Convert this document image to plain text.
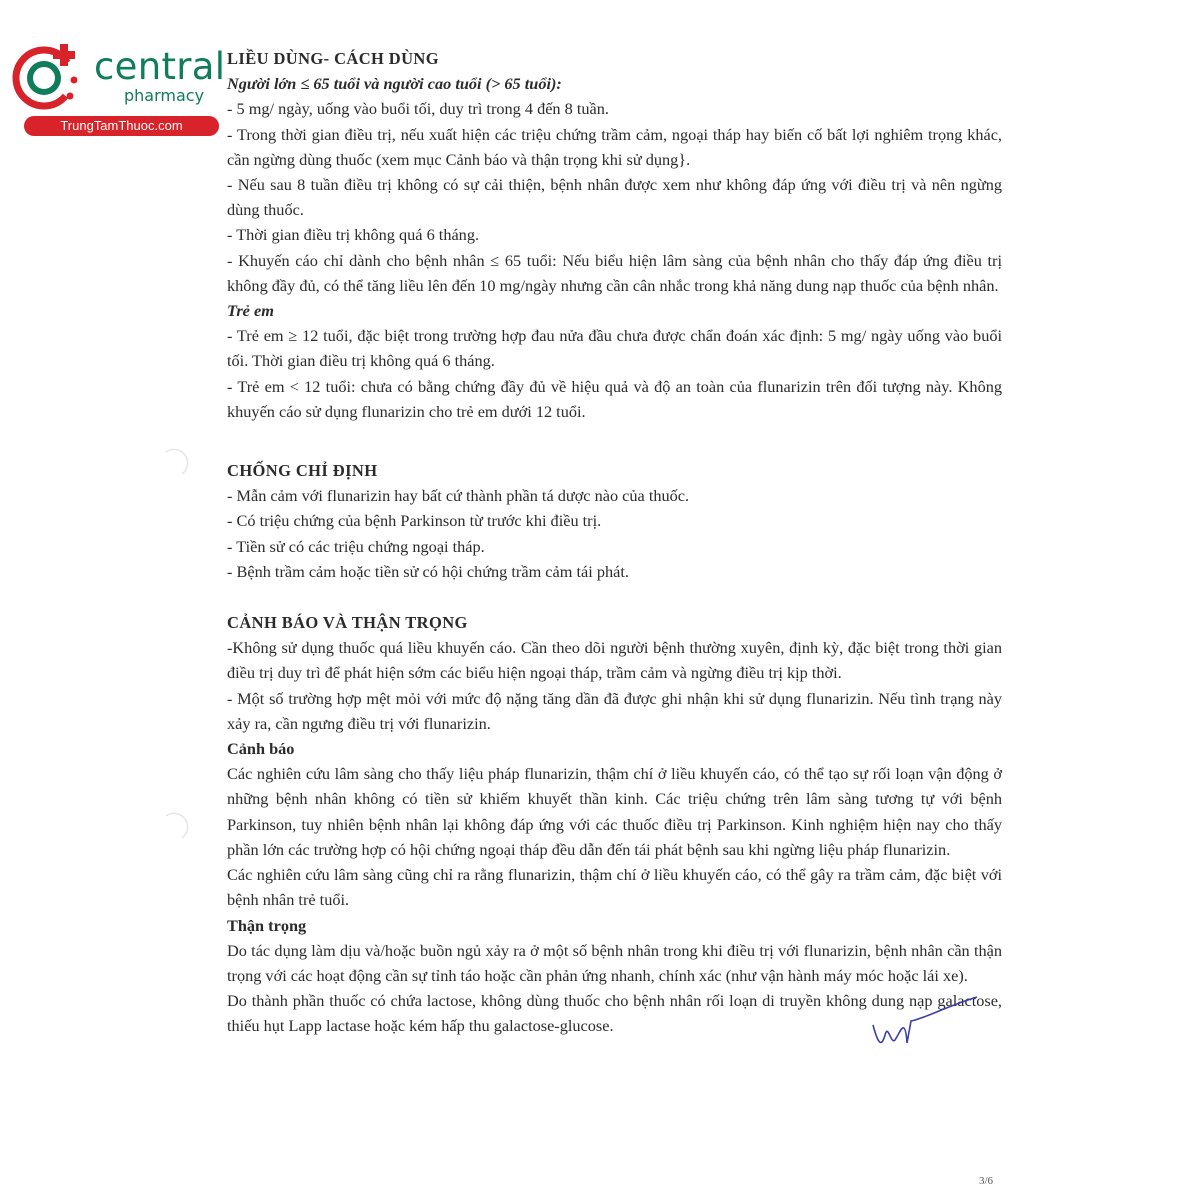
central
pharmacy
TrungTamThuoc.com

LIỀU DÙNG- CÁCH DÙNG

Người lớn ≤ 65 tuổi và người cao tuổi (> 65 tuổi):

- 5 mg/ ngày, uống vào buổi tối, duy trì trong 4 đến 8 tuần.

- Trong thời gian điều trị, nếu xuất hiện các triệu chứng trầm cảm, ngoại tháp hay biến cố bất lợi nghiêm trọng khác, cần ngừng dùng thuốc (xem mục Cảnh báo và thận trọng khi sử dụng}.

- Nếu sau 8 tuần điều trị không có sự cải thiện, bệnh nhân được xem như không đáp ứng với điều trị và nên ngừng dùng thuốc.

- Thời gian điều trị không quá 6 tháng.

- Khuyến cáo chỉ dành cho bệnh nhân ≤ 65 tuổi: Nếu biểu hiện lâm sàng của bệnh nhân cho thấy đáp ứng điều trị không đầy đủ, có thể tăng liều lên đến 10 mg/ngày nhưng cần cân nhắc trong khả năng dung nạp thuốc của bệnh nhân.

Trẻ em

- Trẻ em ≥ 12 tuổi, đặc biệt trong trường hợp đau nửa đầu chưa được chẩn đoán xác định: 5 mg/ ngày uống vào buổi tối. Thời gian điều trị không quá 6 tháng.

- Trẻ em < 12 tuổi: chưa có bằng chứng đầy đủ về hiệu quả và độ an toàn của flunarizin trên đối tượng này. Không khuyến cáo sử dụng flunarizin cho trẻ em dưới 12 tuổi.

CHỐNG CHỈ ĐỊNH

- Mẫn cảm với flunarizin hay bất cứ thành phần tá dược nào của thuốc.

- Có triệu chứng của bệnh Parkinson từ trước khi điều trị.

- Tiền sử có các triệu chứng ngoại tháp.

- Bệnh trầm cảm hoặc tiền sử có hội chứng trầm cảm tái phát.

CẢNH BÁO VÀ THẬN TRỌNG

-Không sử dụng thuốc quá liều khuyến cáo. Cần theo dõi người bệnh thường xuyên, định kỳ, đặc biệt trong thời gian điều trị duy trì để phát hiện sớm các biểu hiện ngoại tháp, trầm cảm và ngừng điều trị kịp thời.

- Một số trường hợp mệt mỏi với mức độ nặng tăng dần đã được ghi nhận khi sử dụng flunarizin. Nếu tình trạng này xảy ra, cần ngưng điều trị với flunarizin.

Cảnh báo

Các nghiên cứu lâm sàng cho thấy liệu pháp flunarizin, thậm chí ở liều khuyến cáo, có thể tạo sự rối loạn vận động ở những bệnh nhân không có tiền sử khiếm khuyết thần kinh. Các triệu chứng trên lâm sàng tương tự với bệnh Parkinson, tuy nhiên bệnh nhân lại không đáp ứng với các thuốc điều trị Parkinson. Kinh nghiệm hiện nay cho thấy phần lớn các trường hợp có hội chứng ngoại tháp đều dẫn đến tái phát bệnh sau khi ngừng liệu pháp flunarizin.

Các nghiên cứu lâm sàng cũng chỉ ra rằng flunarizin, thậm chí ở liều khuyến cáo, có thể gây ra trầm cảm, đặc biệt với bệnh nhân trẻ tuổi.

Thận trọng

Do tác dụng làm dịu và/hoặc buồn ngủ xảy ra ở một số bệnh nhân trong khi điều trị với flunarizin, bệnh nhân cần thận trọng với các hoạt động cần sự tỉnh táo hoặc cần phản ứng nhanh, chính xác (như vận hành máy móc hoặc lái xe).

Do thành phần thuốc có chứa lactose, không dùng thuốc cho bệnh nhân rối loạn di truyền không dung nạp galactose, thiếu hụt Lapp lactase hoặc kém hấp thu galactose-glucose.

3/6
